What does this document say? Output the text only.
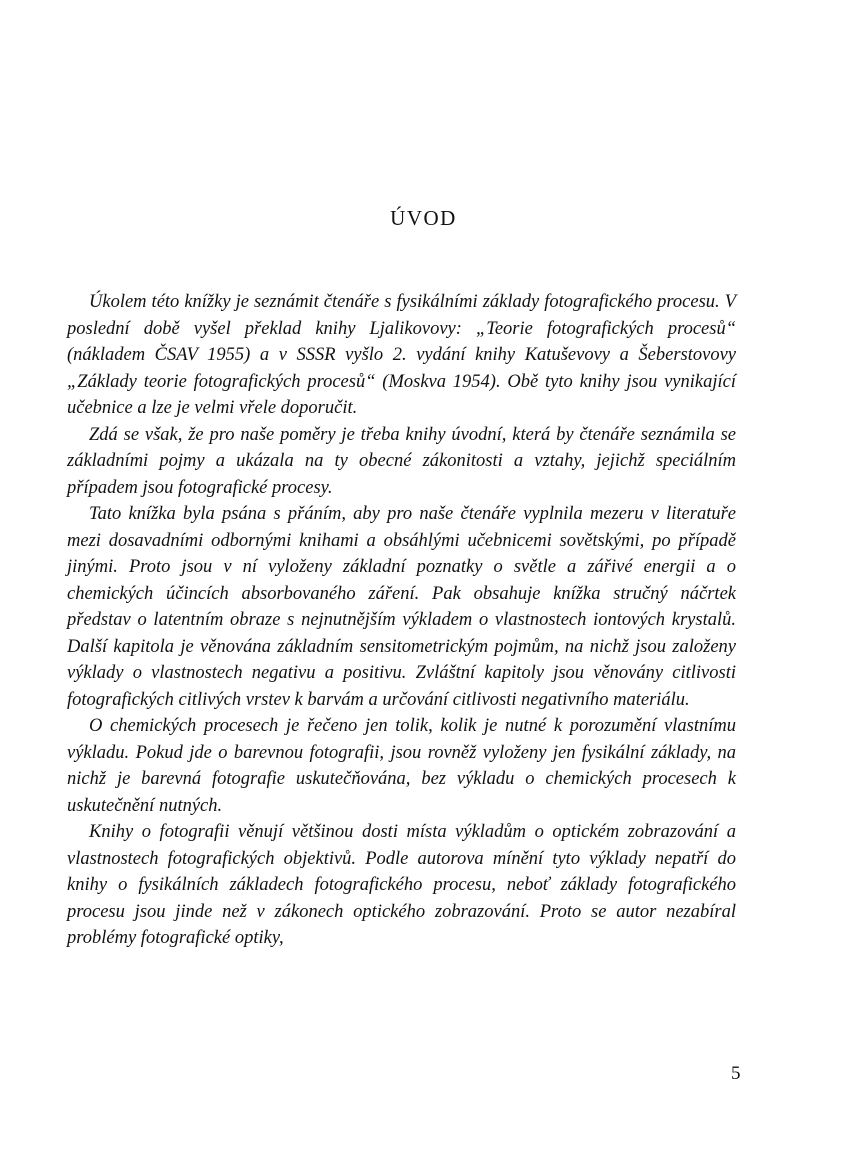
ÚVOD

Úkolem této knížky je seznámit čtenáře s fysikálními základy fotografického procesu. V poslední době vyšel překlad knihy Ljalikovovy: „Teorie fotografických procesů“ (nákladem ČSAV 1955) a v SSSR vyšlo 2. vydání knihy Katuševovy a Šeberstovovy „Základy teorie fotografických procesů“ (Moskva 1954). Obě tyto knihy jsou vynikající učebnice a lze je velmi vřele doporučit.

Zdá se však, že pro naše poměry je třeba knihy úvodní, která by čtenáře seznámila se základními pojmy a ukázala na ty obecné zákonitosti a vztahy, jejichž speciálním případem jsou fotografické procesy.

Tato knížka byla psána s přáním, aby pro naše čtenáře vyplnila mezeru v literatuře mezi dosavadními odbornými knihami a obsáhlými učebnicemi sovětskými, po případě jinými. Proto jsou v ní vyloženy základní poznatky o světle a zářivé energii a o chemických účincích absorbovaného záření. Pak obsahuje knížka stručný náčrtek představ o latentním obraze s nejnutnějším výkladem o vlastnostech iontových krystalů. Další kapitola je věnována základním sensitometrickým pojmům, na nichž jsou založeny výklady o vlastnostech negativu a positivu. Zvláštní kapitoly jsou věnovány citlivosti fotografických citlivých vrstev k barvám a určování citlivosti negativního materiálu.

O chemických procesech je řečeno jen tolik, kolik je nutné k porozumění vlastnímu výkladu. Pokud jde o barevnou fotografii, jsou rovněž vyloženy jen fysikální základy, na nichž je barevná fotografie uskutečňována, bez výkladu o chemických procesech k uskutečnění nutných.

Knihy o fotografii věnují většinou dosti místa výkladům o optickém zobrazování a vlastnostech fotografických objektivů. Podle autorova mínění tyto výklady nepatří do knihy o fysikálních základech fotografického procesu, neboť základy fotografického procesu jsou jinde než v zákonech optického zobrazování. Proto se autor nezabíral problémy fotografické optiky,

5
